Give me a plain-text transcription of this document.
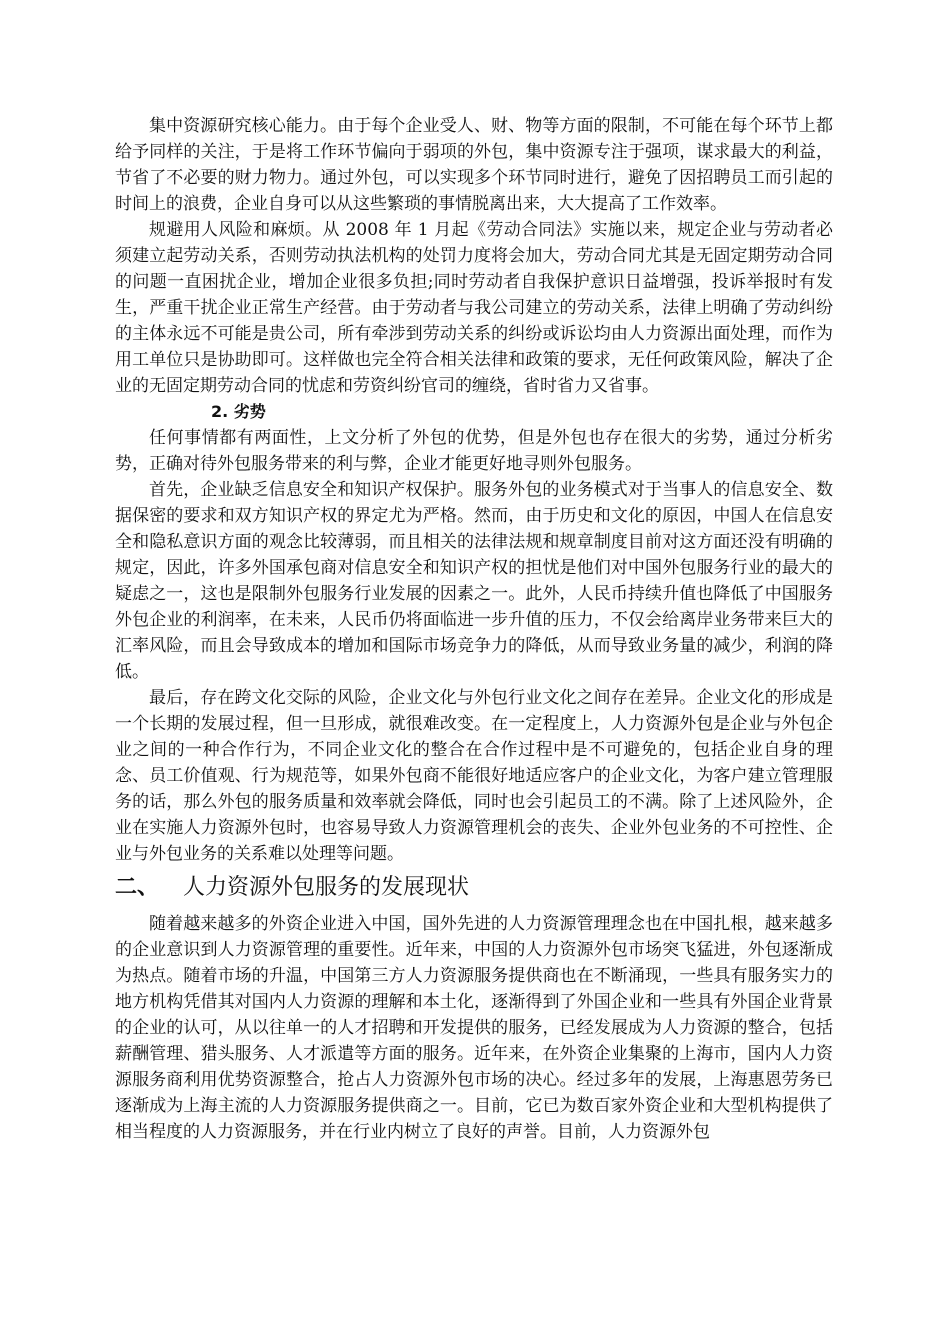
集中资源研究核心能力。由于每个企业受人、财、物等方面的限制，不可能在每个环节上都给予同样的关注，于是将工作环节偏向于弱项的外包，集中资源专注于强项，谋求最大的利益，节省了不必要的财力物力。通过外包，可以实现多个环节同时进行，避免了因招聘员工而引起的时间上的浪费，企业自身可以从这些繁琐的事情脱离出来，大大提高了工作效率。

规避用人风险和麻烦。从 2008 年 1 月起《劳动合同法》实施以来，规定企业与劳动者必须建立起劳动关系，否则劳动执法机构的处罚力度将会加大，劳动合同尤其是无固定期劳动合同的问题一直困扰企业，增加企业很多负担;同时劳动者自我保护意识日益增强，投诉举报时有发生，严重干扰企业正常生产经营。由于劳动者与我公司建立的劳动关系，法律上明确了劳动纠纷的主体永远不可能是贵公司，所有牵涉到劳动关系的纠纷或诉讼均由人力资源出面处理，而作为用工单位只是协助即可。这样做也完全符合相关法律和政策的要求，无任何政策风险，解决了企业的无固定期劳动合同的忧虑和劳资纠纷官司的缠绕，省时省力又省事。

2. 劣势

任何事情都有两面性，上文分析了外包的优势，但是外包也存在很大的劣势，通过分析劣势，正确对待外包服务带来的利与弊，企业才能更好地寻则外包服务。

首先，企业缺乏信息安全和知识产权保护。服务外包的业务模式对于当事人的信息安全、数据保密的要求和双方知识产权的界定尤为严格。然而，由于历史和文化的原因，中国人在信息安全和隐私意识方面的观念比较薄弱，而且相关的法律法规和规章制度目前对这方面还没有明确的规定，因此，许多外国承包商对信息安全和知识产权的担忧是他们对中国外包服务行业的最大的疑虑之一，这也是限制外包服务行业发展的因素之一。此外，人民币持续升值也降低了中国服务外包企业的利润率，在未来，人民币仍将面临进一步升值的压力，不仅会给离岸业务带来巨大的汇率风险，而且会导致成本的增加和国际市场竞争力的降低，从而导致业务量的减少，利润的降低。

最后，存在跨文化交际的风险，企业文化与外包行业文化之间存在差异。企业文化的形成是一个长期的发展过程，但一旦形成，就很难改变。在一定程度上，人力资源外包是企业与外包企业之间的一种合作行为，不同企业文化的整合在合作过程中是不可避免的，包括企业自身的理念、员工价值观、行为规范等，如果外包商不能很好地适应客户的企业文化，为客户建立管理服务的话，那么外包的服务质量和效率就会降低，同时也会引起员工的不满。除了上述风险外，企业在实施人力资源外包时，也容易导致人力资源管理机会的丧失、企业外包业务的不可控性、企业与外包业务的关系难以处理等问题。

二、	人力资源外包服务的发展现状

随着越来越多的外资企业进入中国，国外先进的人力资源管理理念也在中国扎根，越来越多的企业意识到人力资源管理的重要性。近年来，中国的人力资源外包市场突飞猛进，外包逐渐成为热点。随着市场的升温，中国第三方人力资源服务提供商也在不断涌现，一些具有服务实力的地方机构凭借其对国内人力资源的理解和本土化，逐渐得到了外国企业和一些具有外国企业背景的企业的认可，从以往单一的人才招聘和开发提供的服务，已经发展成为人力资源的整合，包括薪酬管理、猎头服务、人才派遣等方面的服务。近年来，在外资企业集聚的上海市，国内人力资源服务商利用优势资源整合，抢占人力资源外包市场的决心。经过多年的发展，上海惠恩劳务已逐渐成为上海主流的人力资源服务提供商之一。目前，它已为数百家外资企业和大型机构提供了相当程度的人力资源服务，并在行业内树立了良好的声誉。目前，人力资源外包
